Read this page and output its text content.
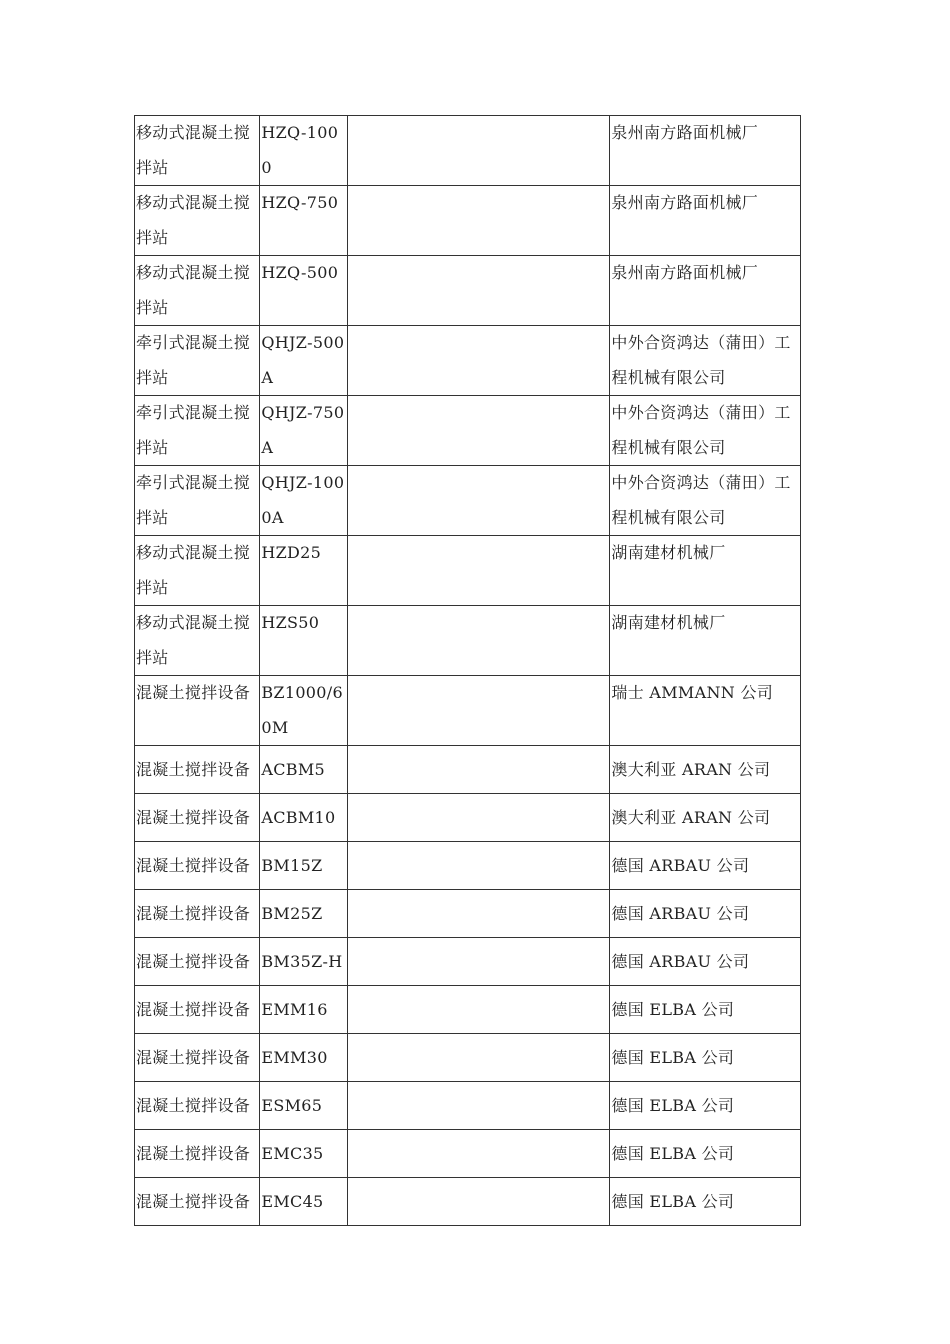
移动式混凝土搅拌站	HZQ-1000		泉州南方路面机械厂

移动式混凝土搅拌站	HZQ-750		泉州南方路面机械厂

移动式混凝土搅拌站	HZQ-500		泉州南方路面机械厂

牵引式混凝土搅拌站	QHJZ-500A		中外合资鸿达（蒲田）工程机械有限公司

牵引式混凝土搅拌站	QHJZ-750A		中外合资鸿达（蒲田）工程机械有限公司

牵引式混凝土搅拌站	QHJZ-1000A		中外合资鸿达（蒲田）工程机械有限公司

移动式混凝土搅拌站	HZD25		湖南建材机械厂

移动式混凝土搅拌站	HZS50		湖南建材机械厂

混凝土搅拌设备	BZ1000/60M		瑞士 AMMANN 公司

混凝土搅拌设备	ACBM5		澳大利亚 ARAN 公司

混凝土搅拌设备	ACBM10		澳大利亚 ARAN 公司

混凝土搅拌设备	BM15Z		德国 ARBAU 公司

混凝土搅拌设备	BM25Z		德国 ARBAU 公司

混凝土搅拌设备	BM35Z-H		德国 ARBAU 公司

混凝土搅拌设备	EMM16		德国 ELBA 公司

混凝土搅拌设备	EMM30		德国 ELBA 公司

混凝土搅拌设备	ESM65		德国 ELBA 公司

混凝土搅拌设备	EMC35		德国 ELBA 公司

混凝土搅拌设备	EMC45		德国 ELBA 公司
